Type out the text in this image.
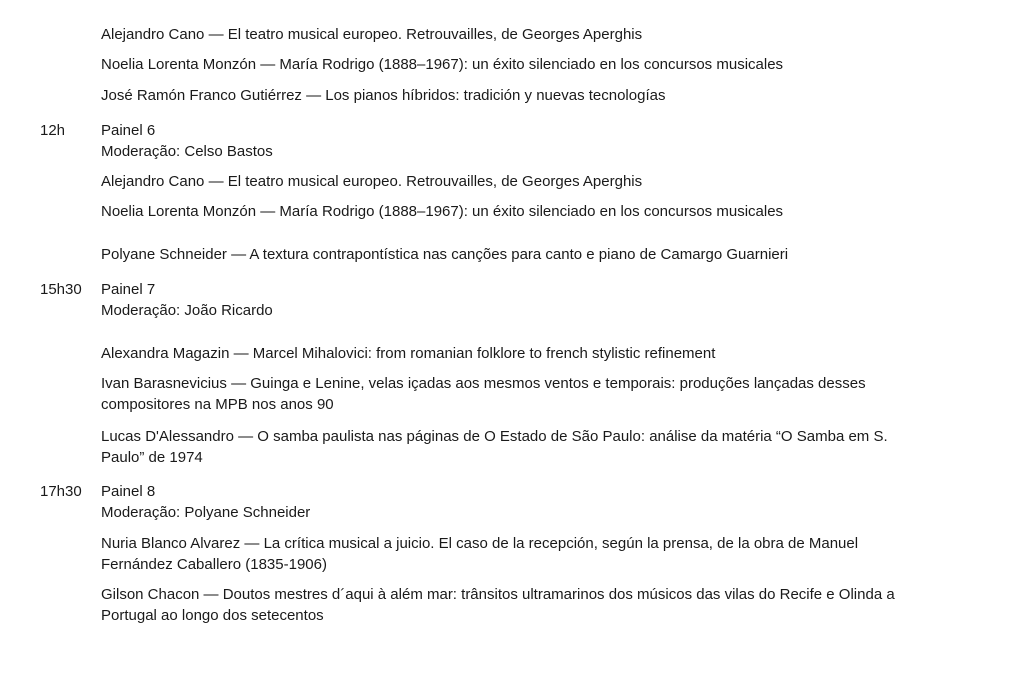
Alejandro Cano — El teatro musical europeo. Retrouvailles, de Georges Aperghis
Noelia Lorenta Monzón — María Rodrigo (1888–1967): un éxito silenciado en los concursos musicales
José Ramón Franco Gutiérrez — Los pianos híbridos: tradición y nuevas tecnologías
12h Painel 6
Moderação: Celso Bastos
Alejandro Cano — El teatro musical europeo. Retrouvailles, de Georges Aperghis
Noelia Lorenta Monzón — María Rodrigo (1888–1967): un éxito silenciado en los concursos musicales
Polyane Schneider — A textura contrapontística nas canções para canto e piano de Camargo Guarnieri
15h30 Painel 7
Moderação: João Ricardo
Alexandra Magazin — Marcel Mihalovici: from romanian folklore to french stylistic refinement
Ivan Barasnevicius — Guinga e Lenine, velas içadas aos mesmos ventos e temporais: produções lançadas desses compositores na MPB nos anos 90
Lucas D'Alessandro — O samba paulista nas páginas de O Estado de São Paulo: análise da matéria “O Samba em S. Paulo” de 1974
17h30 Painel 8
Moderação: Polyane Schneider
Nuria Blanco Alvarez — La crítica musical a juicio. El caso de la recepción, según la prensa, de la obra de Manuel Fernández Caballero (1835-1906)
Gilson Chacon — Doutos mestres d´aqui à além mar: trânsitos ultramarinos dos músicos das vilas do Recife e Olinda a Portugal ao longo dos setecentos
